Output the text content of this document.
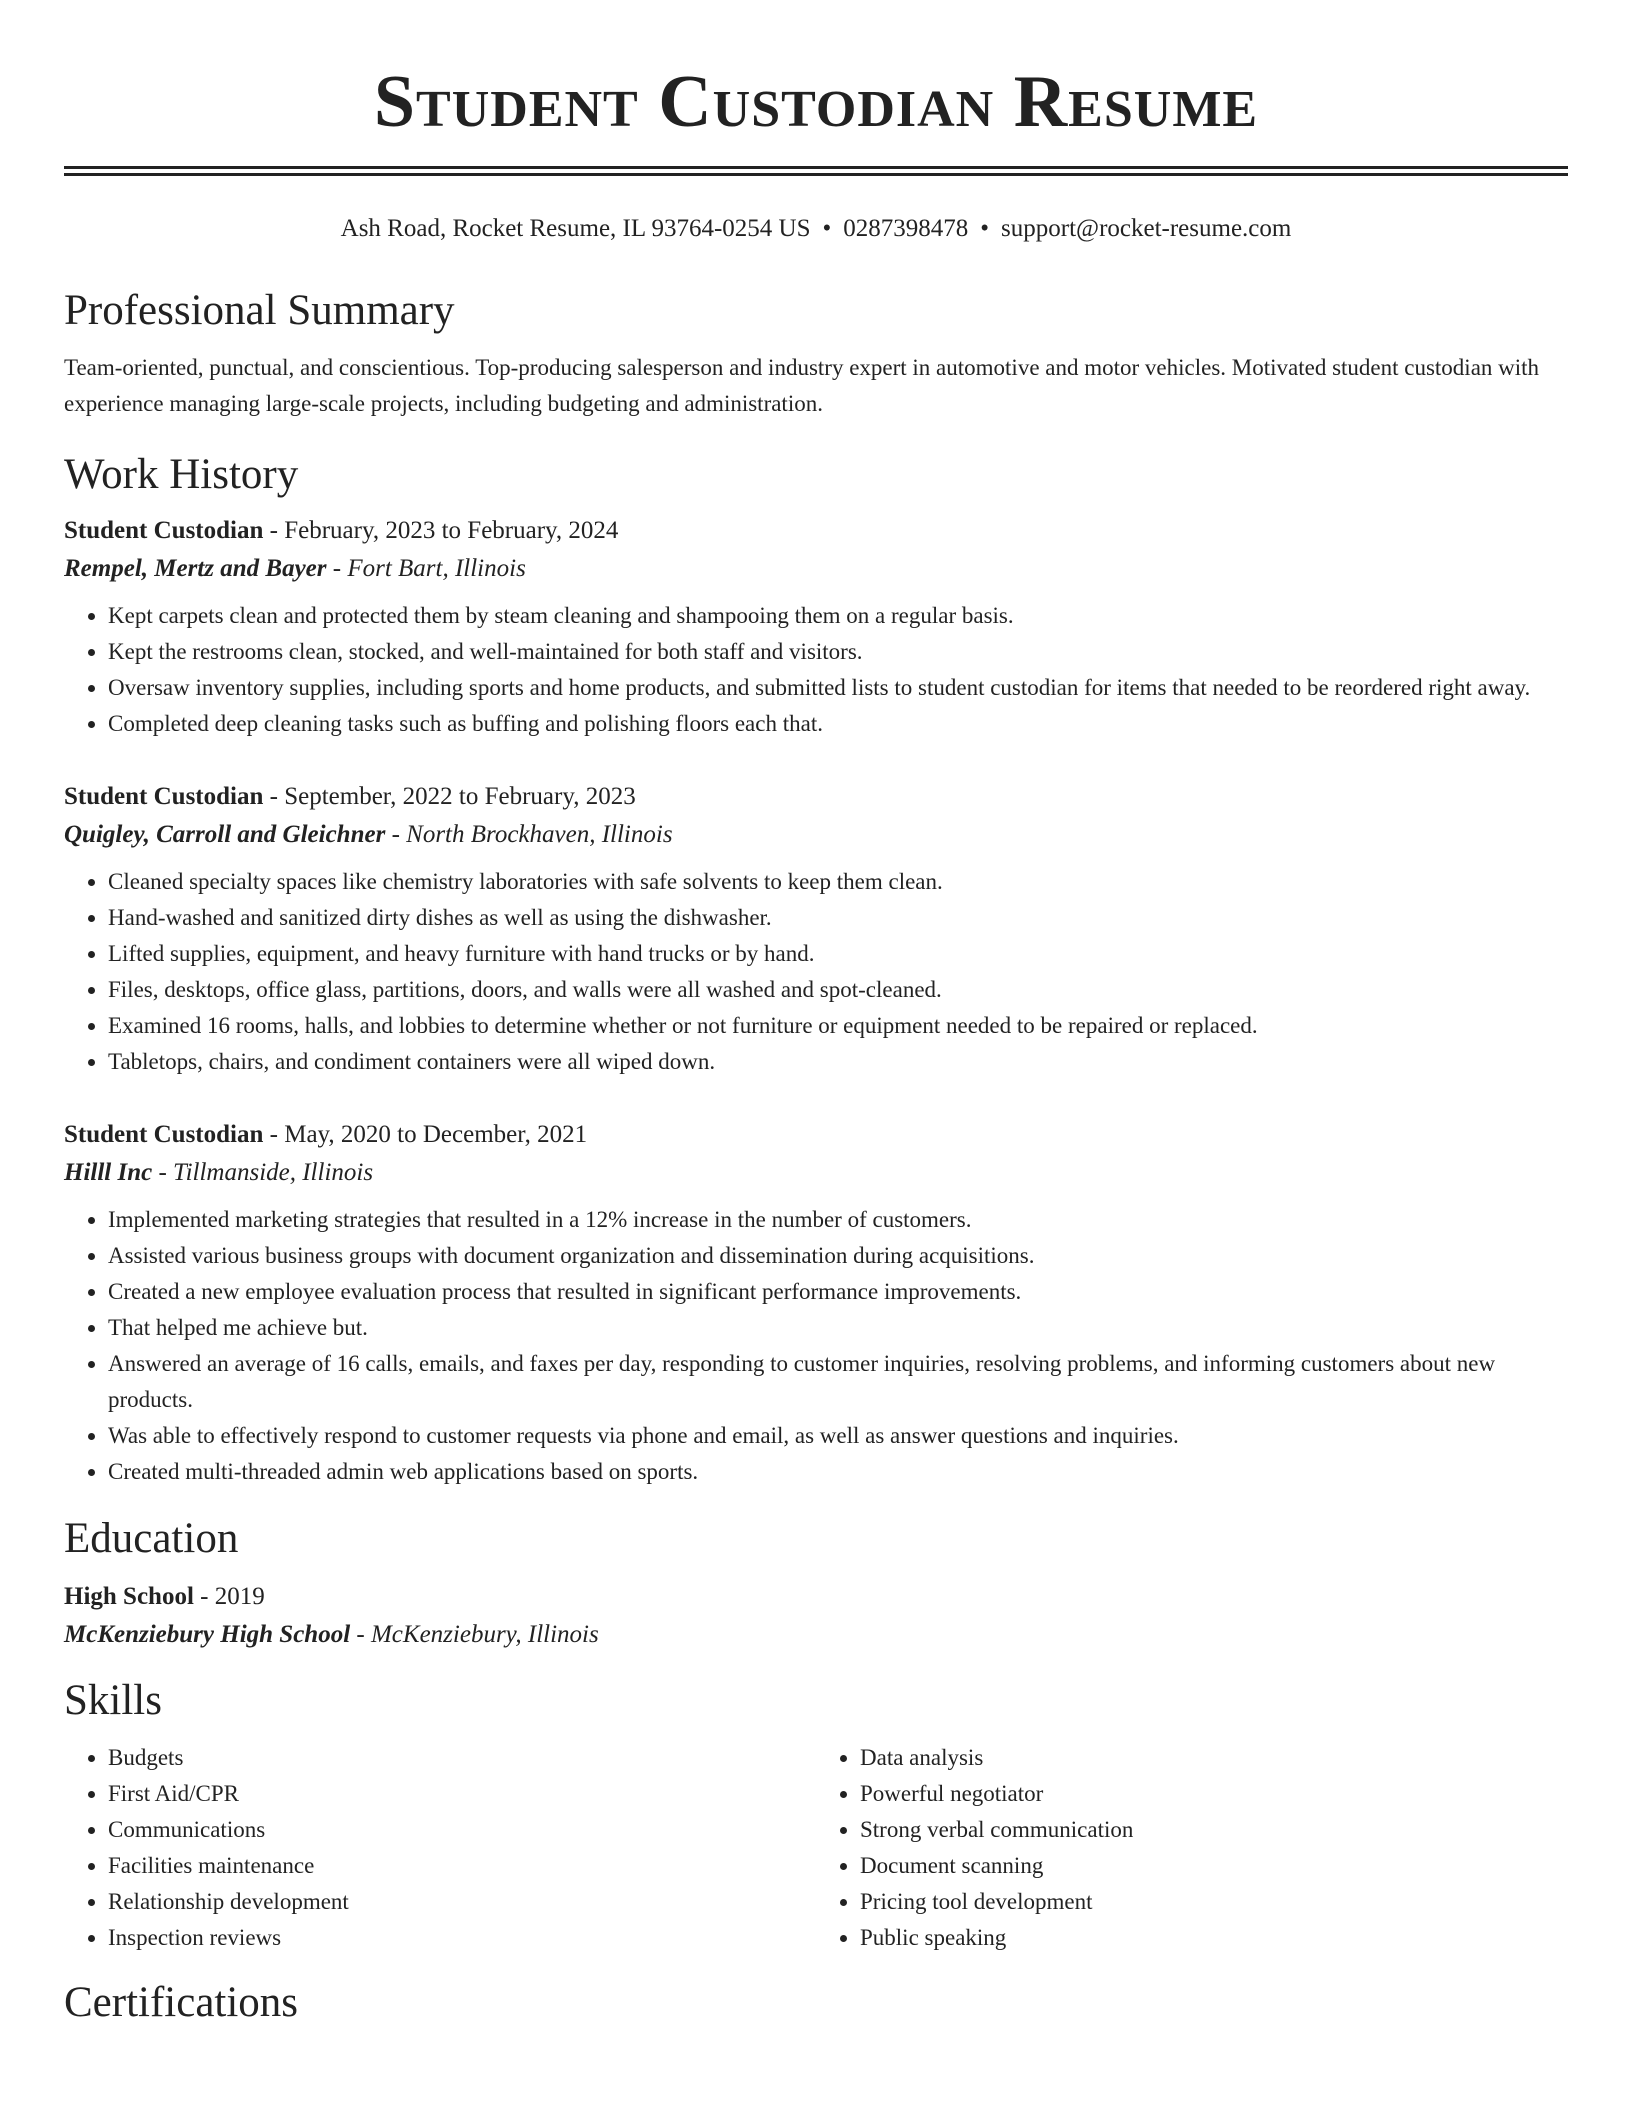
Student Custodian Resume
Ash Road, Rocket Resume, IL 93764-0254 US • 0287398478 • support@rocket-resume.com
Professional Summary
Team-oriented, punctual, and conscientious. Top-producing salesperson and industry expert in automotive and motor vehicles. Motivated student custodian with experience managing large-scale projects, including budgeting and administration.
Work History
Student Custodian - February, 2023 to February, 2024
Rempel, Mertz and Bayer - Fort Bart, Illinois
• Kept carpets clean and protected them by steam cleaning and shampooing them on a regular basis.
• Kept the restrooms clean, stocked, and well-maintained for both staff and visitors.
• Oversaw inventory supplies, including sports and home products, and submitted lists to student custodian for items that needed to be reordered right away.
• Completed deep cleaning tasks such as buffing and polishing floors each that.
Student Custodian - September, 2022 to February, 2023
Quigley, Carroll and Gleichner - North Brockhaven, Illinois
• Cleaned specialty spaces like chemistry laboratories with safe solvents to keep them clean.
• Hand-washed and sanitized dirty dishes as well as using the dishwasher.
• Lifted supplies, equipment, and heavy furniture with hand trucks or by hand.
• Files, desktops, office glass, partitions, doors, and walls were all washed and spot-cleaned.
• Examined 16 rooms, halls, and lobbies to determine whether or not furniture or equipment needed to be repaired or replaced.
• Tabletops, chairs, and condiment containers were all wiped down.
Student Custodian - May, 2020 to December, 2021
Hilll Inc - Tillmanside, Illinois
• Implemented marketing strategies that resulted in a 12% increase in the number of customers.
• Assisted various business groups with document organization and dissemination during acquisitions.
• Created a new employee evaluation process that resulted in significant performance improvements.
• That helped me achieve but.
• Answered an average of 16 calls, emails, and faxes per day, responding to customer inquiries, resolving problems, and informing customers about new products.
• Was able to effectively respond to customer requests via phone and email, as well as answer questions and inquiries.
• Created multi-threaded admin web applications based on sports.
Education
High School - 2019
McKenziebury High School - McKenziebury, Illinois
Skills
• Budgets
• First Aid/CPR
• Communications
• Facilities maintenance
• Relationship development
• Inspection reviews
• Data analysis
• Powerful negotiator
• Strong verbal communication
• Document scanning
• Pricing tool development
• Public speaking
Certifications
